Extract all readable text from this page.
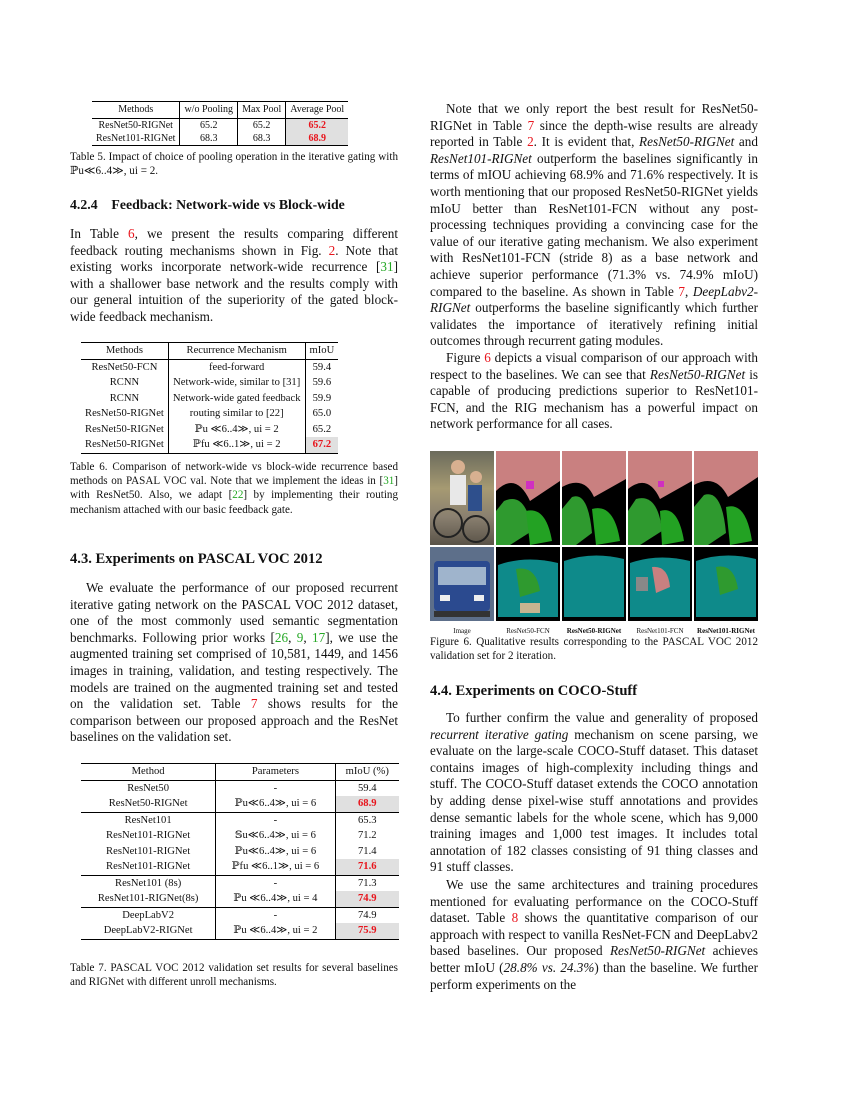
Methods	w/o Pooling	Max Pool	Average Pool
ResNet50-RIGNet	65.2	65.2	65.2
ResNet101-RIGNet	68.3	68.3	68.9

Table 5. Impact of choice of pooling operation in the iterative gating with ℙu≪6..4≫, ui = 2.

4.2.4 Feedback: Network-wide vs Block-wide

In Table 6, we present the results comparing different feedback routing mechanisms shown in Fig. 2. Note that existing works incorporate network-wide recurrence [31] with a shallower base network and the results comply with our general intuition of the superiority of the gated block-wide feedback mechanism.

Methods	Recurrence Mechanism	mIoU
ResNet50-FCN	feed-forward	59.4
RCNN	Network-wide, similar to [31]	59.6
RCNN	Network-wide gated feedback	59.9
ResNet50-RIGNet	routing similar to [22]	65.0
ResNet50-RIGNet	ℙu ≪6..4≫, ui = 2	65.2
ResNet50-RIGNet	ℙfu ≪6..1≫, ui = 2	67.2

Table 6. Comparison of network-wide vs block-wide recurrence based methods on PASAL VOC val. Note that we implement the ideas in [31] with ResNet50. Also, we adapt [22] by implementing their routing mechanism attached with our basic feedback gate.

4.3. Experiments on PASCAL VOC 2012

We evaluate the performance of our proposed recurrent iterative gating network on the PASCAL VOC 2012 dataset, one of the most commonly used semantic segmentation benchmarks. Following prior works [26, 9, 17], we use the augmented training set comprised of 10,581, 1449, and 1456 images in training, validation, and testing respectively. The models are trained on the augmented training set and tested on the validation set. Table 7 shows results for the comparison between our proposed approach and the ResNet baselines on the validation set.

Method	Parameters	mIoU (%)
ResNet50	-	59.4
ResNet50-RIGNet	ℙu≪6..4≫, ui = 6	68.9
ResNet101	-	65.3
ResNet101-RIGNet	𝕊u≪6..4≫, ui = 6	71.2
ResNet101-RIGNet	ℙu≪6..4≫, ui = 6	71.4
ResNet101-RIGNet	ℙfu ≪6..1≫, ui = 6	71.6
ResNet101 (8s)	-	71.3
ResNet101-RIGNet(8s)	ℙu ≪6..4≫, ui = 4	74.9
DeepLabV2	-	74.9
DeepLabV2-RIGNet	ℙu ≪6..4≫, ui = 2	75.9

Table 7. PASCAL VOC 2012 validation set results for several baselines and RIGNet with different unroll mechanisms.

Note that we only report the best result for ResNet50-RIGNet in Table 7 since the depth-wise results are already reported in Table 2. It is evident that, ResNet50-RIGNet and ResNet101-RIGNet outperform the baselines significantly in terms of mIOU achieving 68.9% and 71.6% respectively. It is worth mentioning that our proposed ResNet50-RIGNet yields mIoU better than ResNet101-FCN without any post-processing techniques providing a convincing case for the value of our iterative gating mechanism. We also experiment with ResNet101-FCN (stride 8) as a base network and achieve superior performance (71.3% vs. 74.9% mIoU) compared to the baseline. As shown in Table 7, DeepLabv2-RIGNet outperforms the baseline significantly which further validates the importance of iteratively refining initial outcomes through recurrent gating modules.

Figure 6 depicts a visual comparison of our approach with respect to the baselines. We can see that ResNet50-RIGNet is capable of producing predictions superior to ResNet101-FCN, and the RIG mechanism has a powerful impact on network performance for all cases.

Image	ResNet50-FCN ResNet50-RIGNet ResNet101-FCN ResNet101-RIGNet

Figure 6. Qualitative results corresponding to the PASCAL VOC 2012 validation set for 2 iteration.

4.4. Experiments on COCO-Stuff

To further confirm the value and generality of proposed recurrent iterative gating mechanism on scene parsing, we evaluate on the large-scale COCO-Stuff dataset. This dataset contains images of high-complexity including things and stuff. The COCO-Stuff dataset extends the COCO annotation by adding dense pixel-wise stuff annotations and provides dense semantic labels for the whole scene, which has 9,000 training images and 1,000 test images. It includes total annotation of 182 classes consisting of 91 thing classes and 91 stuff classes.

We use the same architectures and training procedures mentioned for evaluating performance on the COCO-Stuff dataset. Table 8 shows the quantitative comparison of our approach with respect to vanilla ResNet-FCN and DeepLabv2 based baselines. Our proposed ResNet50-RIGNet achieves better mIoU (28.8% vs. 24.3%) than the baseline. We further perform experiments on the
